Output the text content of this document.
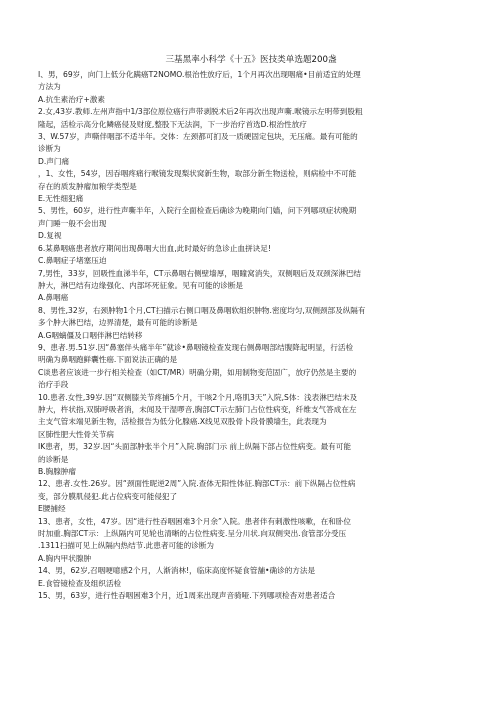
三基黑率小科学《十五》医技类单选题200盏
I、男，69岁，向门上低分化蹒癌T2NOMO.根治性放疗后，1个月再次出现咽痛•目前适宜的处理
方法为
A.抗生素治疗+激素
2.女,43岁.教师.左州声指中1/3部位原位癌行声带剥脱术后2年再次出现声嘶.喉镜示左明带到股粗
隆起，活检示高分化鳞癌侵及财度,整股下无法润，下一步治疗首选D.根治性放疗
3、W.57岁，声嘶伴咽部不适半年。交体：左颈都可扪及一质硬固定包块，无压痛。最有可能的
诊断为
D.声门痛
，1、女性，54岁，因吞咽疼痛行喉镜发现梨状窝新生物，取部分新生物送检，则病检中不可能
存在的质发肿瘤加粮学类型是
E.无性细犯痛
5、男性，60岁，进行性声嘶半年，入院行全面检查后确诊为晚期向门嫱，问下列哪项症状晚期
声门睡一般不会出现
D.复视
6.某鼻咽癌患者放疗期间出现鼻咽大出血,此时最好的急诊止血拼诀足!
C.鼻咽症子堵塞压迫
7,男性，33岁，回吸性血涕半年，CT示鼻咽右侧壁墙厚，咽瞳窝消失，双侧咽后及双颈深淋巴结
肿大，淋巴结有边缘强化、内部坏死征象。见有可能的诊断是
A.鼻咽癌
8、男性,32岁，右颈肿物1个月,CT扫描示右侧口咽及鼻咽软组织肿物.密度均匀,双侧颈部及纵隔有
多个肿大淋巴结，边界清楚，最有可能的诊断是
A.G咽螭僵及口咽伴淋巴结转移
9、患者.男.51岁.因“鼻塞伴头痛半年”就诊•鼻咽镜检查发现右侧鼻咽部结腹降起明显，行活检
明确为鼻咽跑鲜囊性癌.下面说法正确的是
C谈患者应该进一步行相关检查（如CT/MR）明确分期，如用制物变范固广，放疗仍然是主要的
治疗手段
10.患者.女性,39岁.因“双侧膝关节疼捕5个月，干咳2个月,咯肌3天”入院,S体：浅表淋巴结未及
肿大，杵状指,双肺呼吸者消，未闻及干湿啰音,胸部CT示左肺门占位性病变，纤维支气答成在左
主支气管末端见新生物，活检报告为低分化腺癌.X线见双股骨卜段骨膜墙生，此表现为
区肺性肥大性骨关节病
IK患者，男，32岁.因“头面部肿张半个月”入院.胸部门示 前上纵隔下部占位性病变。最有可能
的诊断是
B.胸腺肿瘤
12、患者.女性.26岁。因“颈面性昵逆2周”入院.查体无阳性体征.胸部CT示：前下纵隔占位性病
变，部分膜肌侵犯.此占位病变可能侵犯了
E腰捕经
13、患者，女性，47岁。因“进行性吞咽困难3个月余”入院。患者伴有刺激性咳嗽，在和卧位
时加重.胸部CT示：上纵隔内可见轮也清晰的占位性病变.呈分川状.向双侧突出.食管部分受压
.1311扫描可见上纵隔内热结节.此患者可能的诊断为
A.胸内甲状腺肿
14、男，62岁,召咽哽噫感2个月，人渐消林!，临床高度怀疑食管舗•确诊的方法是
E.食管镜检查及组织活检
15、男，63岁，进行性吞咽困难3个月，近1周来出现声音骑哑.下列哪项检杳对患者适合
